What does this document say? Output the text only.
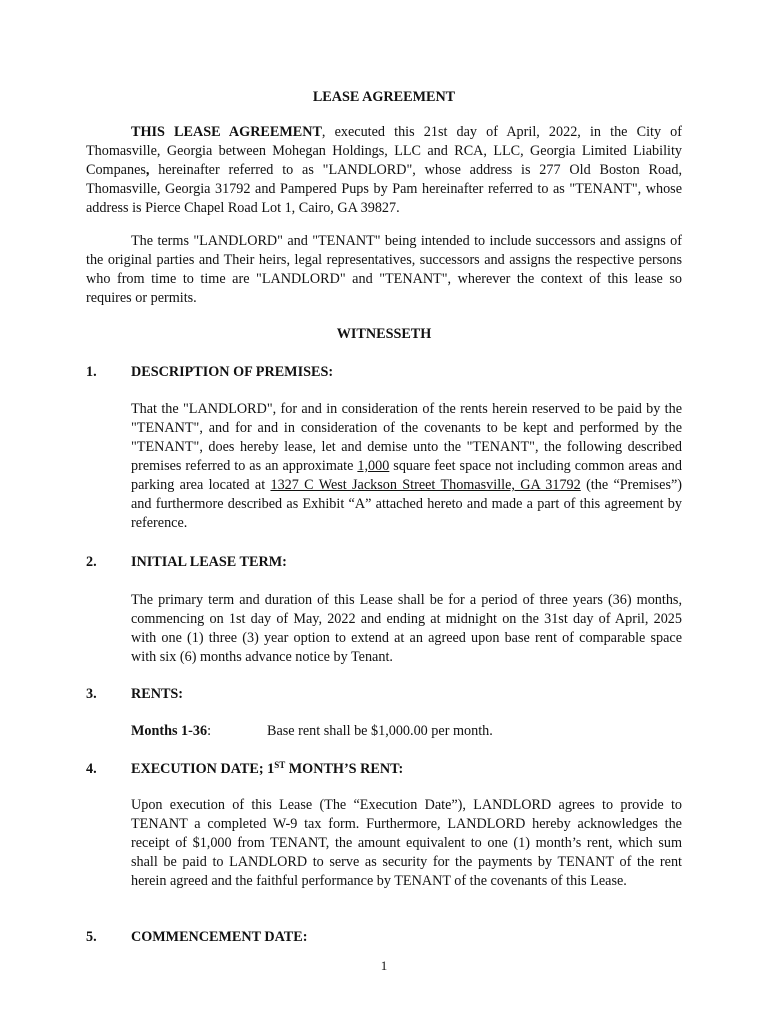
LEASE AGREEMENT
THIS LEASE AGREEMENT, executed this 21st day of April, 2022, in the City of Thomasville, Georgia between Mohegan Holdings, LLC and RCA, LLC, Georgia Limited Liability Companes, hereinafter referred to as "LANDLORD", whose address is 277 Old Boston Road, Thomasville, Georgia 31792 and Pampered Pups by Pam hereinafter referred to as "TENANT", whose address is Pierce Chapel Road Lot 1, Cairo, GA 39827.
The terms "LANDLORD" and "TENANT" being intended to include successors and assigns of the original parties and Their heirs, legal representatives, successors and assigns the respective persons who from time to time are "LANDLORD" and "TENANT", wherever the context of this lease so requires or permits.
WITNESSETH
1. DESCRIPTION OF PREMISES:
That the "LANDLORD", for and in consideration of the rents herein reserved to be paid by the "TENANT", and for and in consideration of the covenants to be kept and performed by the "TENANT", does hereby lease, let and demise unto the "TENANT", the following described premises referred to as an approximate 1,000 square feet space not including common areas and parking area located at 1327 C West Jackson Street Thomasville, GA 31792 (the “Premises”) and furthermore described as Exhibit “A” attached hereto and made a part of this agreement by reference.
2. INITIAL LEASE TERM:
The primary term and duration of this Lease shall be for a period of three years (36) months, commencing on 1st day of May, 2022 and ending at midnight on the 31st day of April, 2025 with one (1) three (3) year option to extend at an agreed upon base rent of comparable space with six (6) months advance notice by Tenant.
3. RENTS:
Months 1-36:	Base rent shall be $1,000.00 per month.
4. EXECUTION DATE; 1ST MONTH’S RENT:
Upon execution of this Lease (The “Execution Date”), LANDLORD agrees to provide to TENANT a completed W-9 tax form. Furthermore, LANDLORD hereby acknowledges the receipt of $1,000 from TENANT, the amount equivalent to one (1) month’s rent, which sum shall be paid to LANDLORD to serve as security for the payments by TENANT of the rent herein agreed and the faithful performance by TENANT of the covenants of this Lease.
5. COMMENCEMENT DATE:
1
